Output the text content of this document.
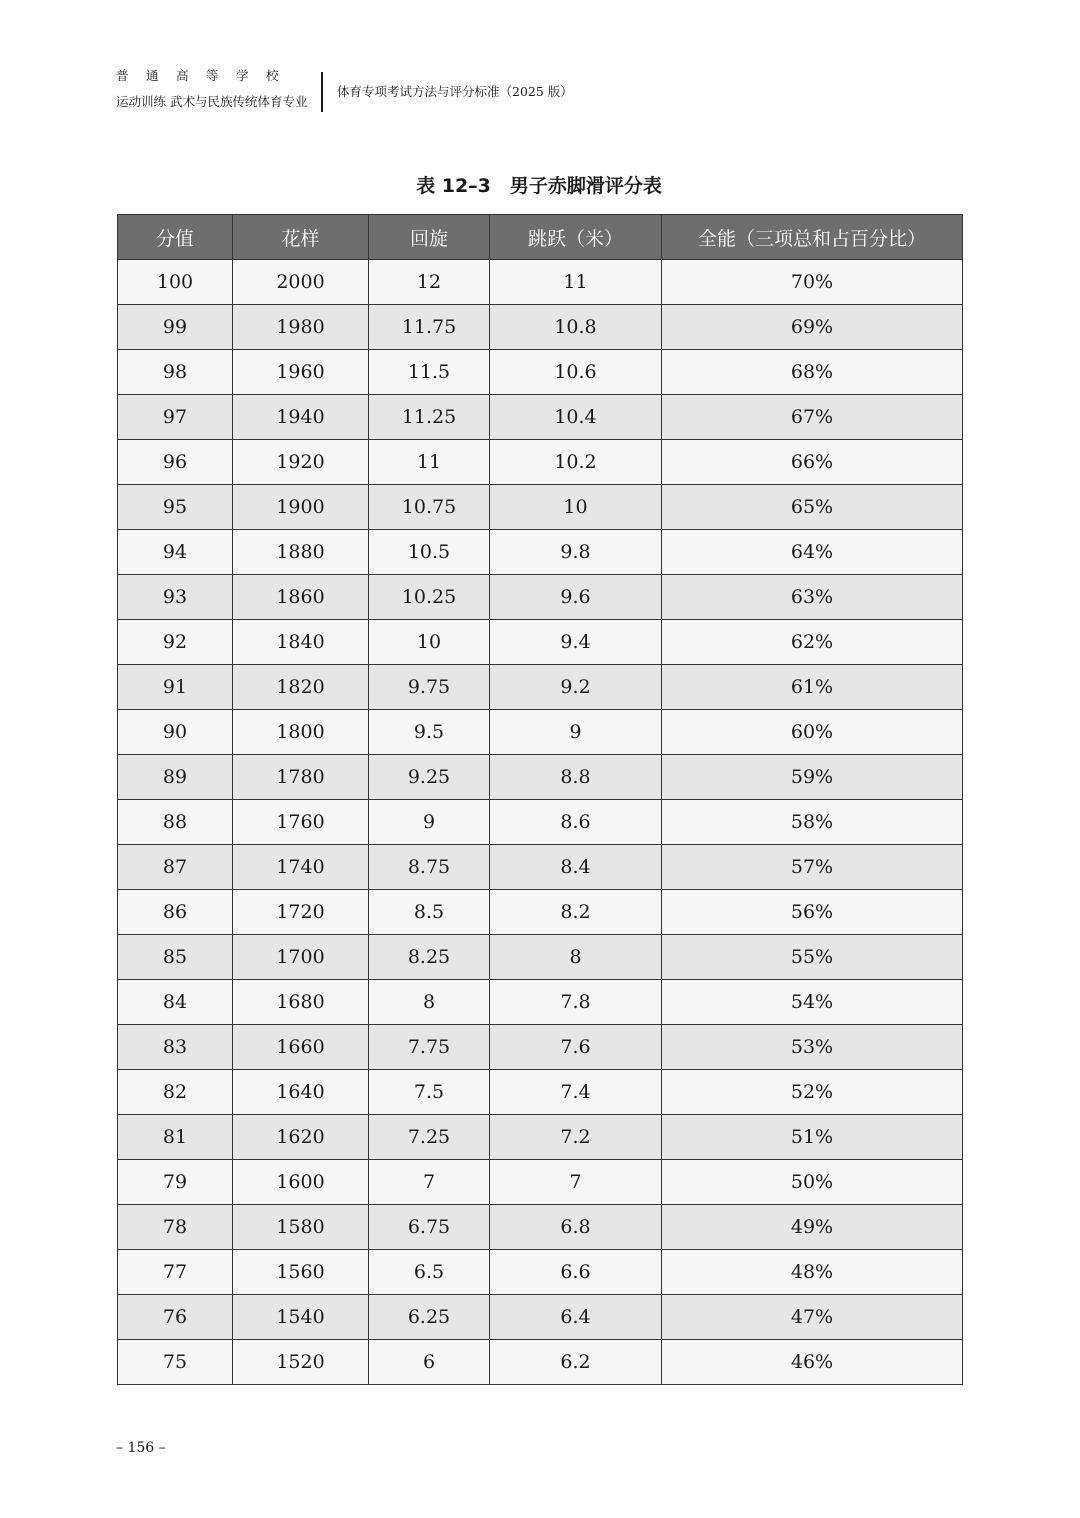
普通高等学校
运动训练 武术与民族传统体育专业
体育专项考试方法与评分标准（2025 版）
表 12–3　男子赤脚滑评分表
分值	花样	回旋	跳跃（米）	全能（三项总和占百分比）
100	2000	12	11	70%
99	1980	11.75	10.8	69%
98	1960	11.5	10.6	68%
97	1940	11.25	10.4	67%
96	1920	11	10.2	66%
95	1900	10.75	10	65%
94	1880	10.5	9.8	64%
93	1860	10.25	9.6	63%
92	1840	10	9.4	62%
91	1820	9.75	9.2	61%
90	1800	9.5	9	60%
89	1780	9.25	8.8	59%
88	1760	9	8.6	58%
87	1740	8.75	8.4	57%
86	1720	8.5	8.2	56%
85	1700	8.25	8	55%
84	1680	8	7.8	54%
83	1660	7.75	7.6	53%
82	1640	7.5	7.4	52%
81	1620	7.25	7.2	51%
79	1600	7	7	50%
78	1580	6.75	6.8	49%
77	1560	6.5	6.6	48%
76	1540	6.25	6.4	47%
75	1520	6	6.2	46%
– 156 –
